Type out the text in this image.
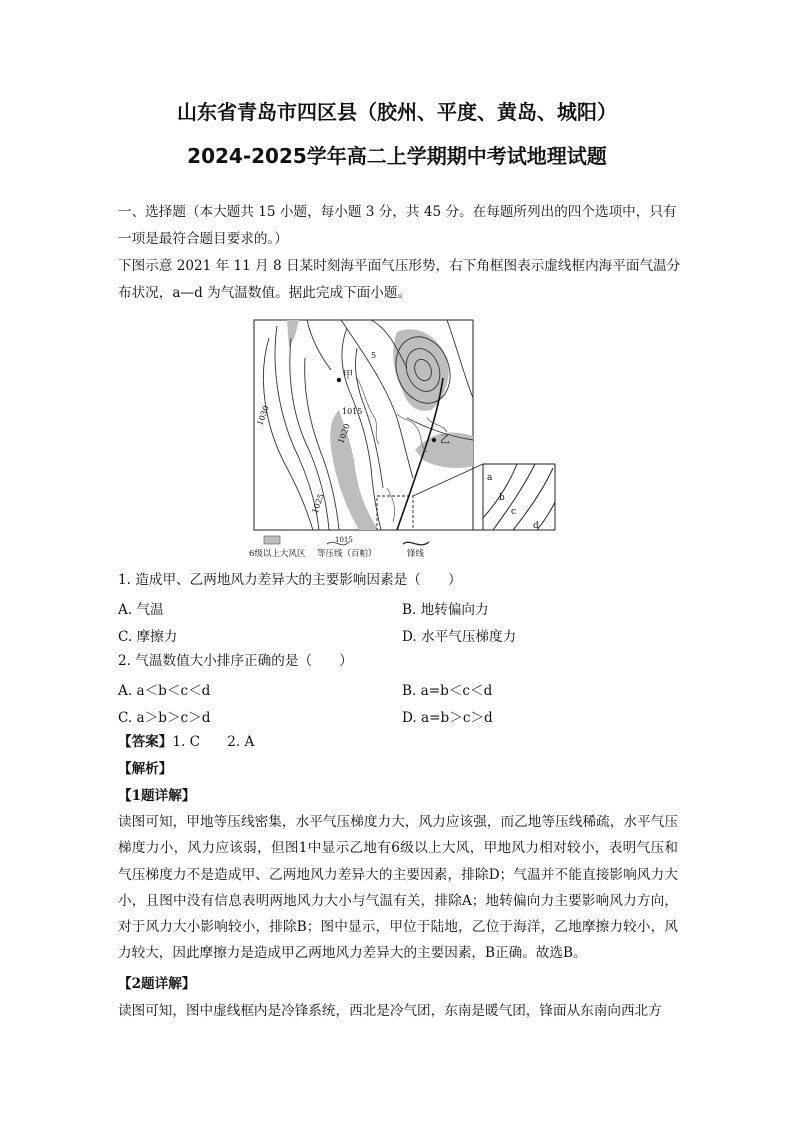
山东省青岛市四区县（胶州、平度、黄岛、城阳）
2024-2025学年高二上学期期中考试地理试题
一、选择题（本大题共 15 小题，每小题 3 分，共 45 分。在每题所列出的四个选项中，只有
一项是最符合题目要求的。）
下图示意 2021 年 11 月 8 日某时刻海平面气压形势，右下角框图表示虚线框内海平面气温分
布状况，a—d 为气温数值。据此完成下面小题。
1030
1025
1020
1015
5
甲
乙
a
b
c
d
6级以上大风区
1015
等压线（百帕）	锋线
1. 造成甲、乙两地风力差异大的主要影响因素是（　　）
A. 气温	B. 地转偏向力
C. 摩擦力	D. 水平气压梯度力
2. 气温数值大小排序正确的是（　　）
A. a＜b＜c＜d	B. a=b＜c＜d
C. a＞b＞c＞d	D. a=b＞c＞d
【答案】1. C　　2. A
【解析】
【1题详解】
读图可知，甲地等压线密集，水平气压梯度力大，风力应该强，而乙地等压线稀疏，水平气压梯度力小，风力应该弱，但图1中显示乙地有6级以上大风，甲地风力相对较小，表明气压和气压梯度力不是造成甲、乙两地风力差异大的主要因素，排除D；气温并不能直接影响风力大小，且图中没有信息表明两地风力大小与气温有关，排除A；地转偏向力主要影响风力方向，对于风力大小影响较小，排除B；图中显示，甲位于陆地，乙位于海洋，乙地摩擦力较小，风力较大，因此摩擦力是造成甲乙两地风力差异大的主要因素，B正确。故选B。
【2题详解】
读图可知，图中虚线框内是冷锋系统，西北是冷气团，东南是暖气团，锋面从东南向西北方
